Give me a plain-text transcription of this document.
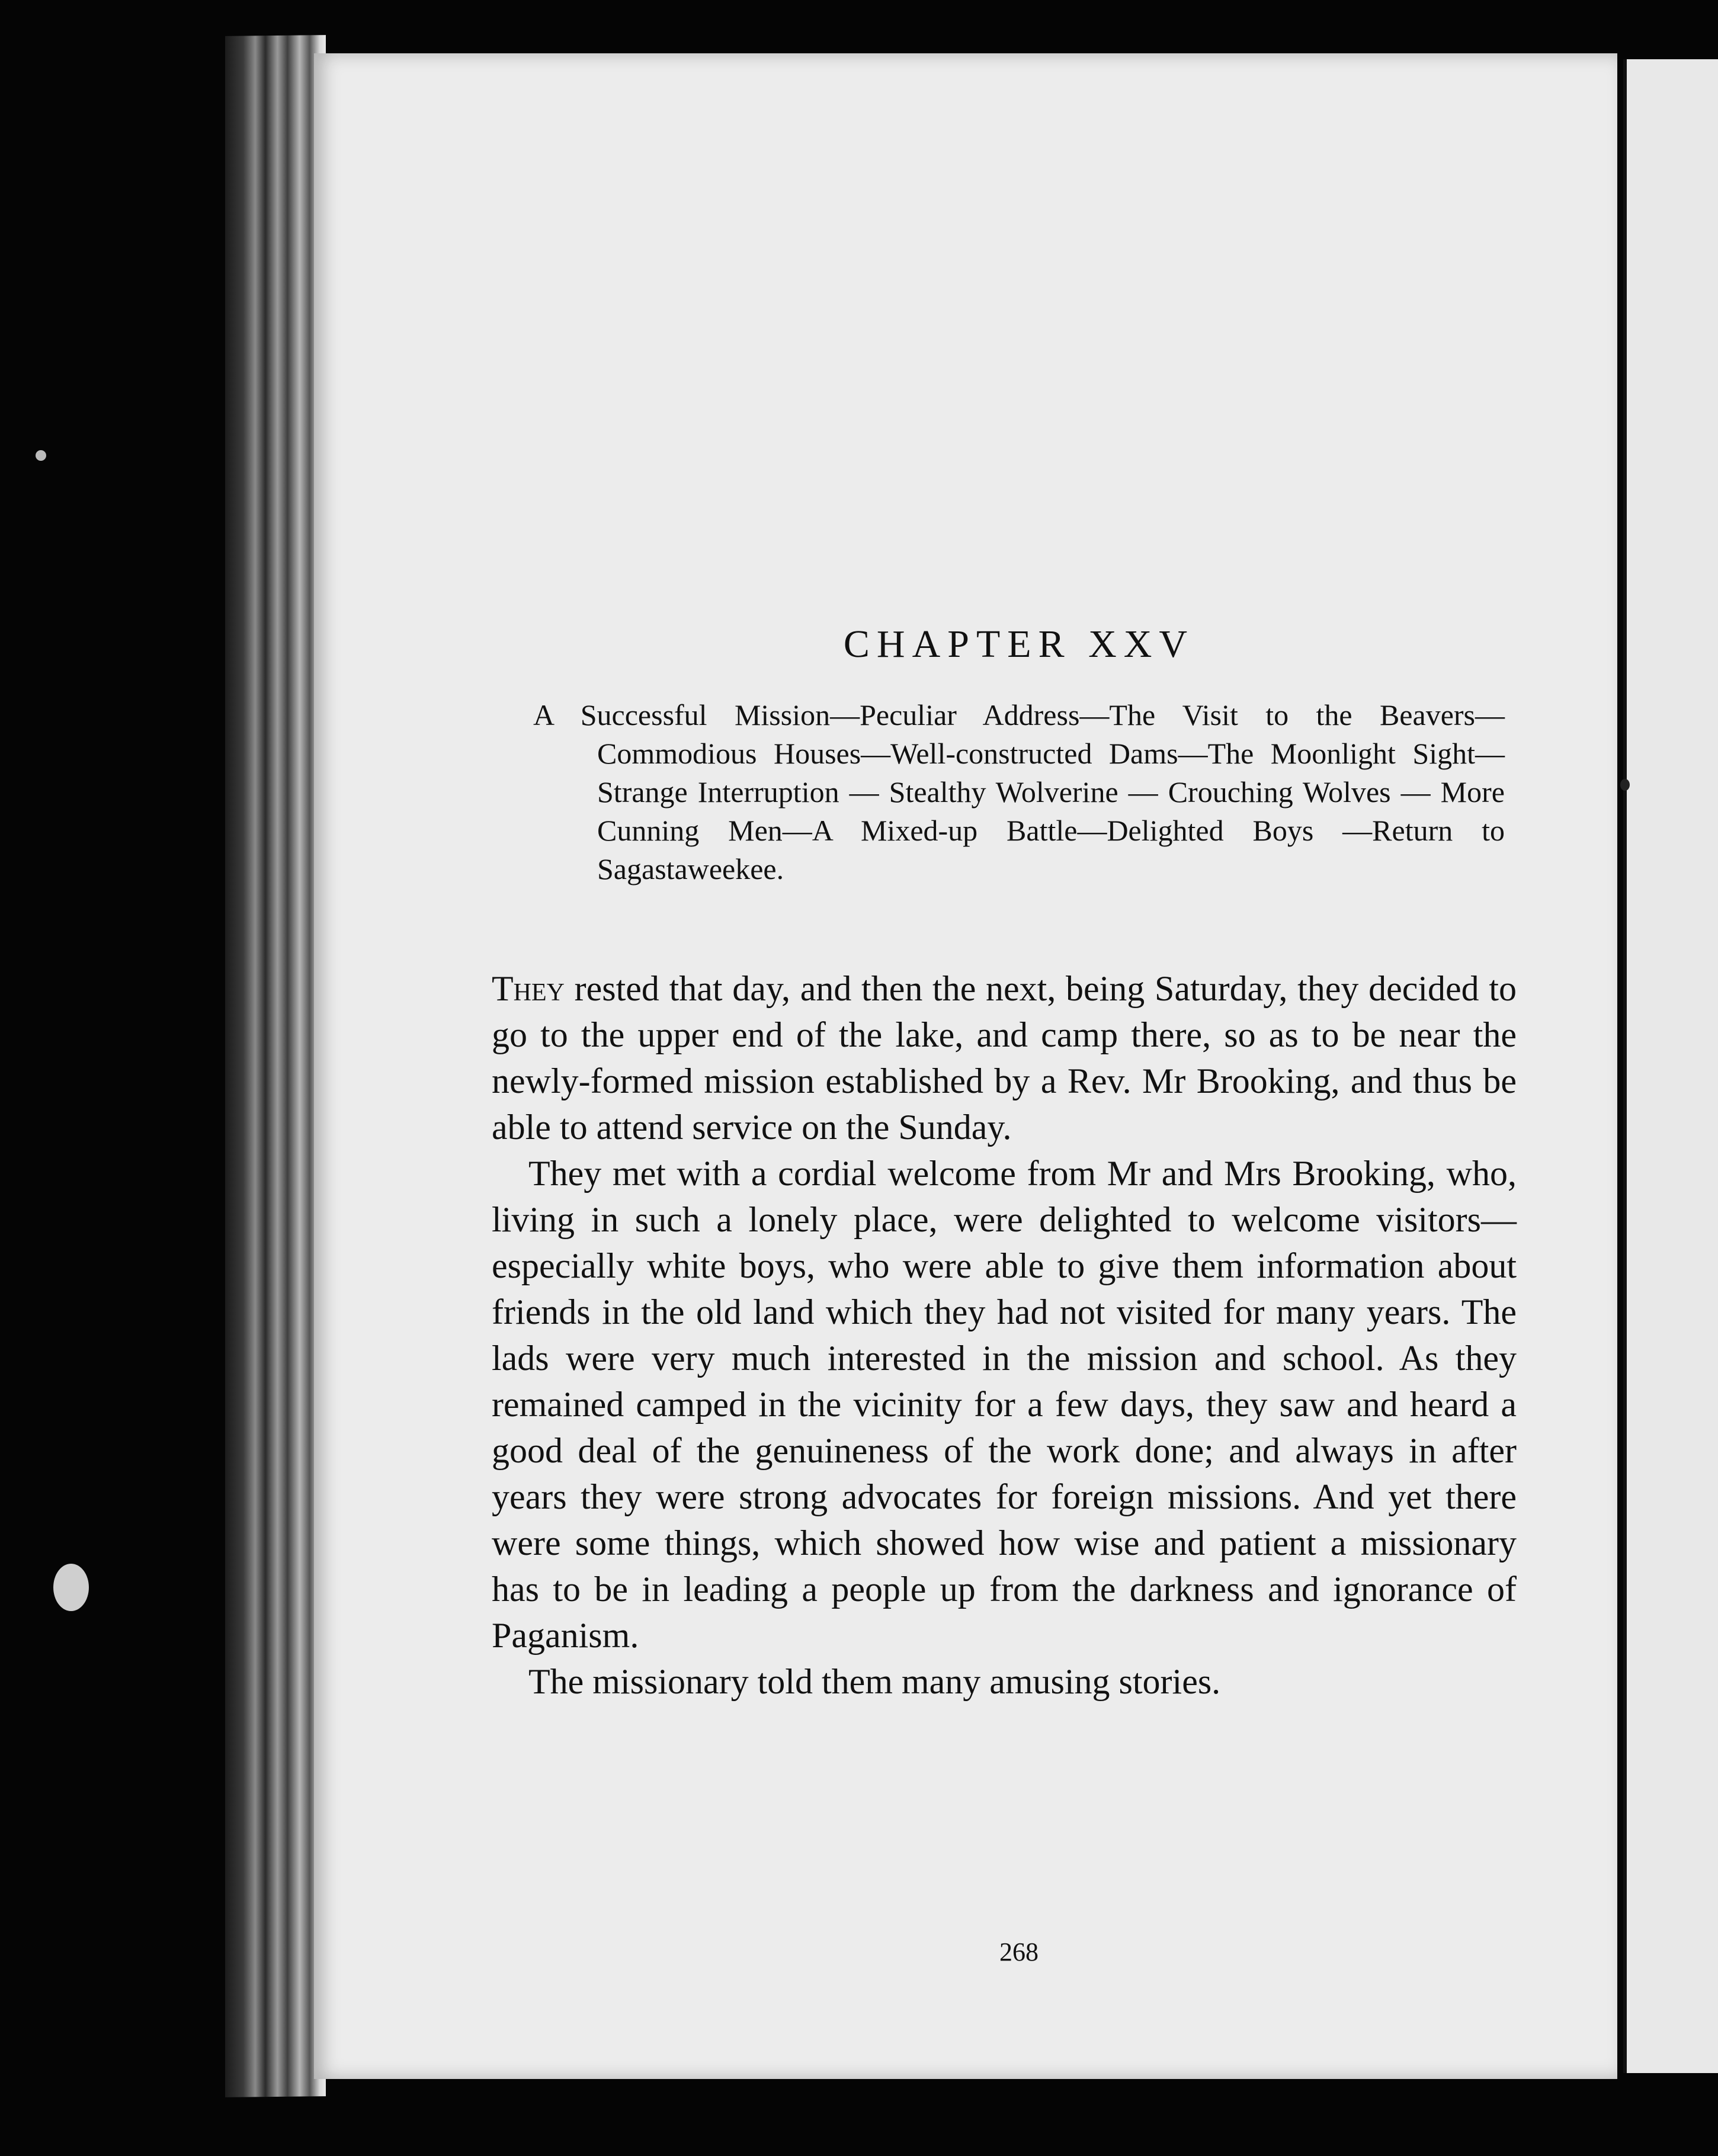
CHAPTER XXV
A Successful Mission—Peculiar Address—The Visit to the Beavers—Commodious Houses—Well-constructed Dams—The Moonlight Sight—Strange Interruption — Stealthy Wolverine — Crouching Wolves — More Cunning Men—A Mixed-up Battle—Delighted Boys —Return to Sagastaweekee.

They rested that day, and then the next, being Saturday, they decided to go to the upper end of the lake, and camp there, so as to be near the newly-formed mission established by a Rev. Mr Brooking, and thus be able to attend service on the Sunday.

They met with a cordial welcome from Mr and Mrs Brooking, who, living in such a lonely place, were delighted to welcome visitors—especially white boys, who were able to give them information about friends in the old land which they had not visited for many years. The lads were very much interested in the mission and school. As they remained camped in the vicinity for a few days, they saw and heard a good deal of the genuineness of the work done; and always in after years they were strong advocates for foreign missions. And yet there were some things, which showed how wise and patient a missionary has to be in leading a people up from the darkness and ignorance of Paganism.

The missionary told them many amusing stories.

268
